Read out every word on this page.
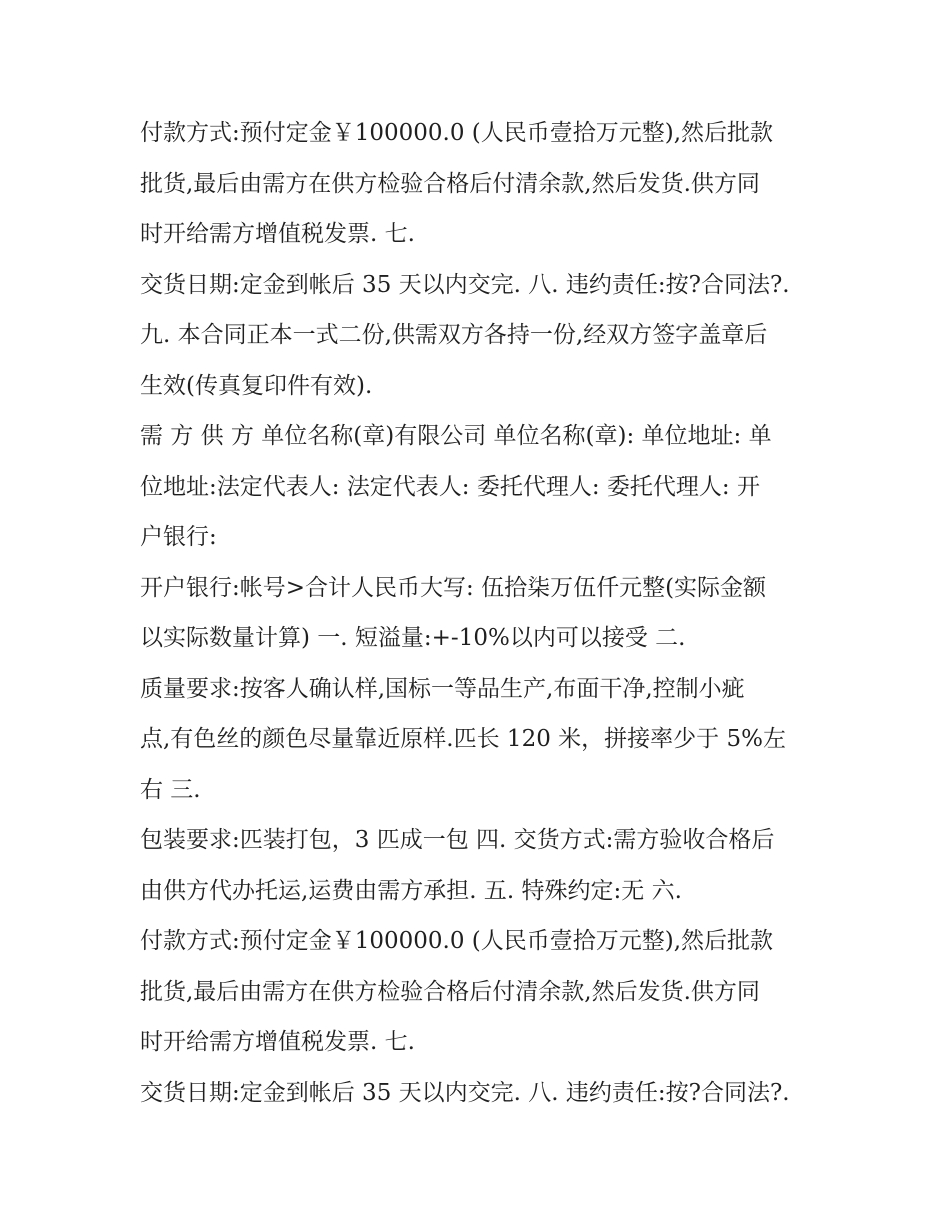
付款方式:预付定金￥100000.0 (人民币壹拾万元整),然后批款
批货,最后由需方在供方检验合格后付清余款,然后发货.供方同
时开给需方增值税发票. 七.

交货日期:定金到帐后 35 天以内交完. 八. 违约责任:按?合同法?.
九. 本合同正本一式二份,供需双方各持一份,经双方签字盖章后
生效(传真复印件有效).

需 方 供 方 单位名称(章)有限公司 单位名称(章): 单位地址: 单
位地址:法定代表人: 法定代表人: 委托代理人: 委托代理人: 开
户银行:

开户银行:帐号>合计人民币大写: 伍拾柒万伍仟元整(实际金额
以实际数量计算) 一. 短溢量:+-10%以内可以接受 二.

质量要求:按客人确认样,国标一等品生产,布面干净,控制小疵
点,有色丝的颜色尽量靠近原样.匹长 120 米，拼接率少于 5%左
右 三.

包装要求:匹装打包，3 匹成一包 四. 交货方式:需方验收合格后
由供方代办托运,运费由需方承担. 五. 特殊约定:无 六.

付款方式:预付定金￥100000.0 (人民币壹拾万元整),然后批款
批货,最后由需方在供方检验合格后付清余款,然后发货.供方同
时开给需方增值税发票. 七.

交货日期:定金到帐后 35 天以内交完. 八. 违约责任:按?合同法?.
